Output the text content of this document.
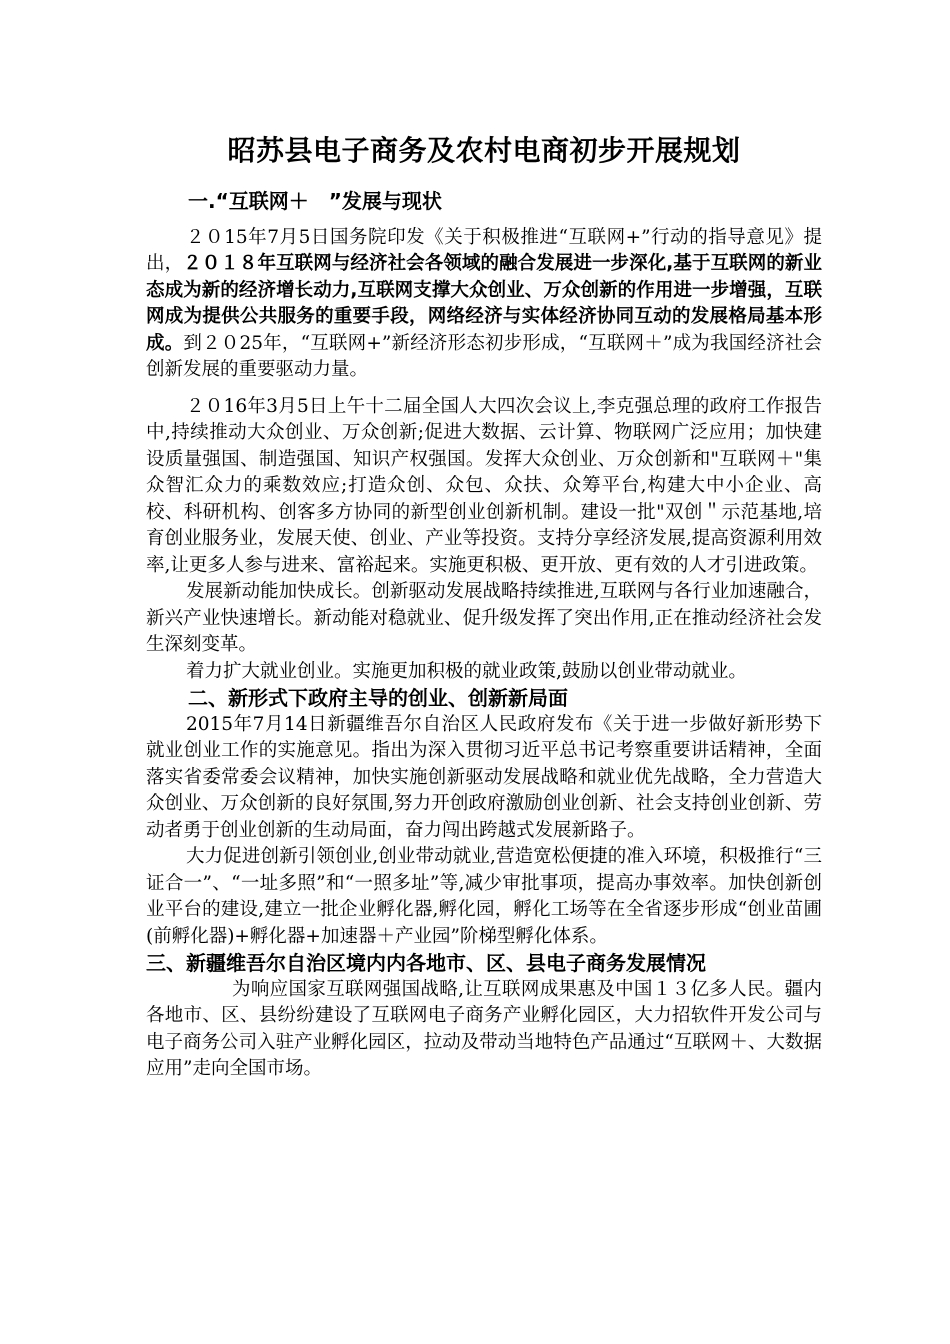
昭苏县电子商务及农村电商初步开展规划
一.“互联网＋　”发展与现状

２０15年7月5日国务院印发《关于积极推进“互联网+”行动的指导意见》提出，２０１８年互联网与经济社会各领域的融合发展进一步深化,基于互联网的新业态成为新的经济增长动力,互联网支撑大众创业、万众创新的作用进一步增强，互联网成为提供公共服务的重要手段，网络经济与实体经济协同互动的发展格局基本形成。到２０25年，“互联网+”新经济形态初步形成，“互联网＋”成为我国经济社会创新发展的重要驱动力量。

２０16年3月5日上午十二届全国人大四次会议上,李克强总理的政府工作报告中,持续推动大众创业、万众创新;促进大数据、云计算、物联网广泛应用；加快建设质量强国、制造强国、知识产权强国。发挥大众创业、万众创新和"互联网＋"集众智汇众力的乘数效应;打造众创、众包、众扶、众筹平台,构建大中小企业、高校、科研机构、创客多方协同的新型创业创新机制。建设一批"双创＂示范基地,培育创业服务业，发展天使、创业、产业等投资。支持分享经济发展,提高资源利用效率,让更多人参与进来、富裕起来。实施更积极、更开放、更有效的人才引进政策。

发展新动能加快成长。创新驱动发展战略持续推进,互联网与各行业加速融合，新兴产业快速增长。新动能对稳就业、促升级发挥了突出作用,正在推动经济社会发生深刻变革。

着力扩大就业创业。实施更加积极的就业政策,鼓励以创业带动就业。

二、新形式下政府主导的创业、创新新局面

2015年7月14日新疆维吾尔自治区人民政府发布《关于进一步做好新形势下就业创业工作的实施意见。指出为深入贯彻习近平总书记考察重要讲话精神，全面落实省委常委会议精神，加快实施创新驱动发展战略和就业优先战略，全力营造大众创业、万众创新的良好氛围,努力开创政府激励创业创新、社会支持创业创新、劳动者勇于创业创新的生动局面，奋力闯出跨越式发展新路子。

大力促进创新引领创业,创业带动就业,营造宽松便捷的准入环境，积极推行“三证合一”、“一址多照”和“一照多址”等,减少审批事项，提高办事效率。加快创新创业平台的建设,建立一批企业孵化器,孵化园，孵化工场等在全省逐步形成“创业苗圃(前孵化器)+孵化器+加速器＋产业园”阶梯型孵化体系。

三、新疆维吾尔自治区境内内各地市、区、县电子商务发展情况

为响应国家互联网强国战略,让互联网成果惠及中国１３亿多人民。疆内各地市、区、县纷纷建设了互联网电子商务产业孵化园区，大力招软件开发公司与电子商务公司入驻产业孵化园区，拉动及带动当地特色产品通过“互联网＋、大数据应用”走向全国市场。
